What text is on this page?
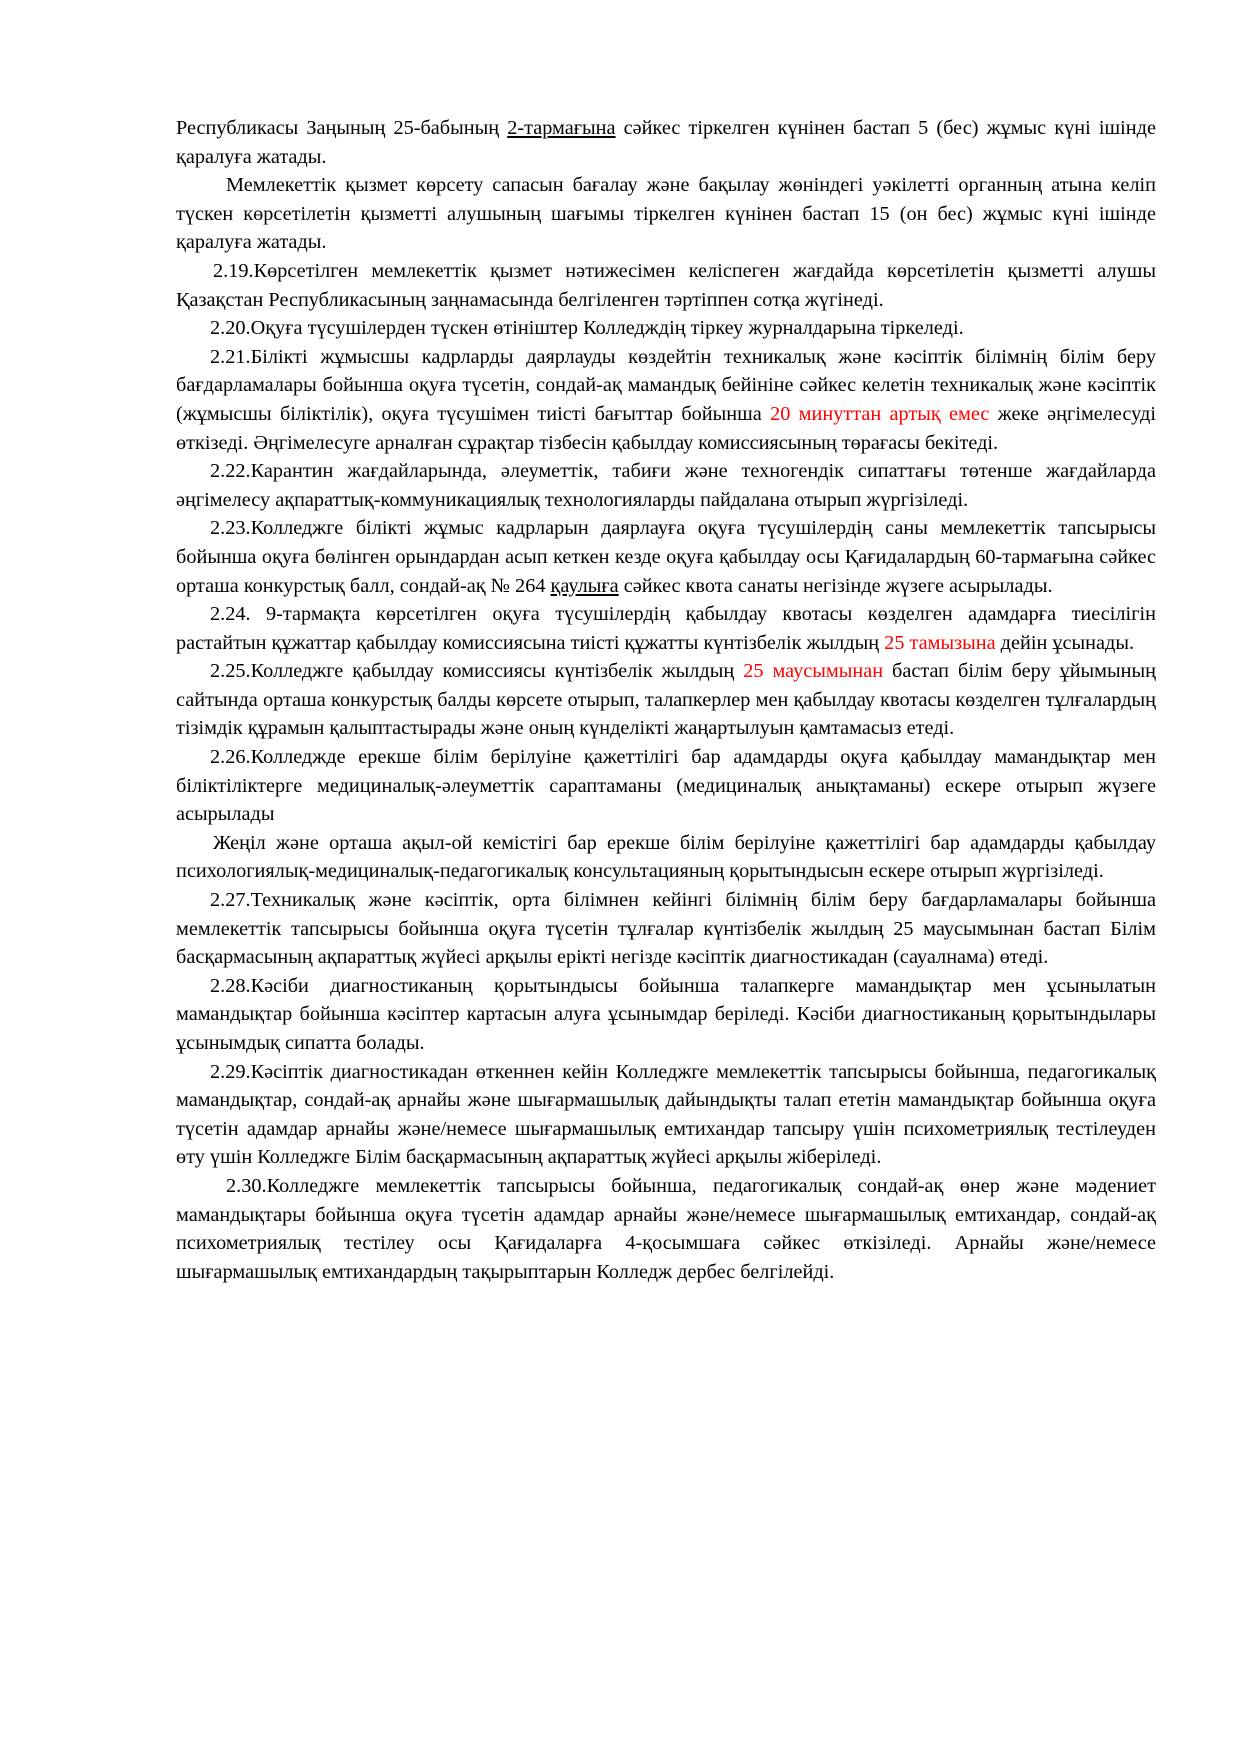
Республикасы Заңының 25-бабының 2-тармағына сәйкес тіркелген күнінен бастап 5 (бес) жұмыс күні ішінде қаралуға жатады.

Мемлекеттік қызмет көрсету сапасын бағалау және бақылау жөніндегі уәкілетті органның атына келіп түскен көрсетілетін қызметті алушының шағымы тіркелген күнінен бастап 15 (он бес) жұмыс күні ішінде қаралуға жатады.

2.19.Көрсетілген мемлекеттік қызмет нәтижесімен келіспеген жағдайда көрсетілетін қызметті алушы Қазақстан Республикасының заңнамасында белгіленген тәртіппен сотқа жүгінеді.

2.20.Оқуға түсушілерден түскен өтініштер Колледждің тіркеу журналдарына тіркеледі.

2.21.Білікті жұмысшы кадрларды даярлауды көздейтін техникалық және кәсіптік білімнің білім беру бағдарламалары бойынша оқуға түсетін, сондай-ақ мамандық бейініне сәйкес келетін техникалық және кәсіптік (жұмысшы біліктілік), оқуға түсушімен тиісті бағыттар бойынша 20 минуттан артық емес жеке әңгімелесуді өткізеді. Әңгімелесуге арналған сұрақтар тізбесін қабылдау комиссиясының төрағасы бекітеді.

2.22.Карантин жағдайларында, әлеуметтік, табиғи және техногендік сипаттағы төтенше жағдайларда әңгімелесу ақпараттық-коммуникациялық технологияларды пайдалана отырып жүргізіледі.

2.23.Колледжге білікті жұмыс кадрларын даярлауға оқуға түсушілердің саны мемлекеттік тапсырысы бойынша оқуға бөлінген орындардан асып кеткен кезде оқуға қабылдау осы Қағидалардың 60-тармағына сәйкес орташа конкурстық балл, сондай-ақ № 264 қаулыға сәйкес квота санаты негізінде жүзеге асырылады.

2.24. 9-тармақта көрсетілген оқуға түсушілердің қабылдау квотасы көзделген адамдарға тиесілігін растайтын құжаттар қабылдау комиссиясына тиісті құжатты күнтізбелік жылдың 25 тамызына дейін ұсынады.

2.25.Колледжге қабылдау комиссиясы күнтізбелік жылдың 25 маусымынан бастап білім беру ұйымының сайтында орташа конкурстық балды көрсете отырып, талапкерлер мен қабылдау квотасы көзделген тұлғалардың тізімдік құрамын қалыптастырады және оның күнделікті жаңартылуын қамтамасыз етеді.

2.26.Колледжде ерекше білім берілуіне қажеттілігі бар адамдарды оқуға қабылдау мамандықтар мен біліктіліктерге медициналық-әлеуметтік сараптаманы (медициналық анықтаманы) ескере отырып жүзеге асырылады

Жеңіл және орташа ақыл-ой кемістігі бар ерекше білім берілуіне қажеттілігі бар адамдарды қабылдау психологиялық-медициналық-педагогикалық консультацияның қорытындысын ескере отырып жүргізіледі.

2.27.Техникалық және кәсіптік, орта білімнен кейінгі білімнің білім беру бағдарламалары бойынша мемлекеттік тапсырысы бойынша оқуға түсетін тұлғалар күнтізбелік жылдың 25 маусымынан бастап Білім басқармасының ақпараттық жүйесі арқылы ерікті негізде кәсіптік диагностикадан (сауалнама) өтеді.

2.28.Кәсіби диагностиканың қорытындысы бойынша талапкерге мамандықтар мен ұсынылатын мамандықтар бойынша кәсіптер картасын алуға ұсынымдар беріледі. Кәсіби диагностиканың қорытындылары ұсынымдық сипатта болады.

2.29.Кәсіптік диагностикадан өткеннен кейін Колледжге мемлекеттік тапсырысы бойынша, педагогикалық мамандықтар, сондай-ақ арнайы және шығармашылық дайындықты талап ететін мамандықтар бойынша оқуға түсетін адамдар арнайы және/немесе шығармашылық емтихандар тапсыру үшін психометриялық тестілеуден өту үшін Колледжге Білім басқармасының ақпараттық жүйесі арқылы жіберіледі.

2.30.Колледжге мемлекеттік тапсырысы бойынша, педагогикалық сондай-ақ өнер және мәдениет мамандықтары бойынша оқуға түсетін адамдар арнайы және/немесе шығармашылық емтихандар, сондай-ақ психометриялық тестілеу осы Қағидаларға 4-қосымшаға сәйкес өткізіледі. Арнайы және/немесе шығармашылық емтихандардың тақырыптарын Колледж дербес белгілейді.
